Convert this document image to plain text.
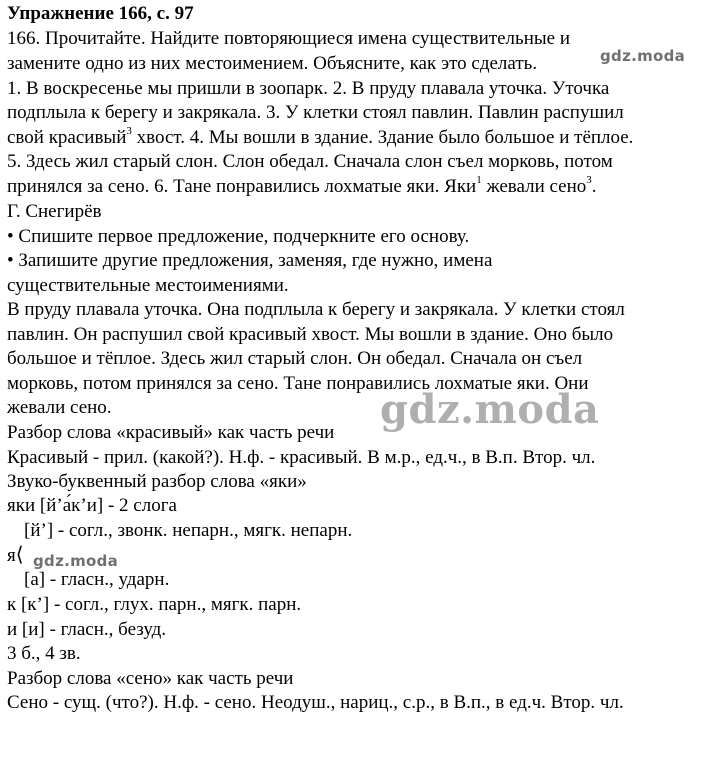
Упражнение 166, с. 97
166. Прочитайте. Найдите повторяющиеся имена существительные и
замените одно из них местоимением. Объясните, как это сделать.
1. В воскресенье мы пришли в зоопарк. 2. В пруду плавала уточка. Уточка
подплыла к берегу и закрякала. 3. У клетки стоял павлин. Павлин распушил
свой красивый$^3$ хвост. 4. Мы вошли в здание. Здание было большое и тёплое.
5. Здесь жил старый слон. Слон обедал. Сначала слон съел морковь, потом
принялся за сено. 6. Тане понравились лохматые яки. Яки$^1$ жевали сено$^3$.
Г. Снегирёв
• Спишите первое предложение, подчеркните его основу.
• Запишите другие предложения, заменяя, где нужно, имена
существительные местоимениями.
В пруду плавала уточка. Она подплыла к берегу и закрякала. У клетки стоял
павлин. Он распушил свой красивый хвост. Мы вошли в здание. Оно было
большое и тёплое. Здесь жил старый слон. Он обедал. Сначала он съел
морковь, потом принялся за сено. Тане понравились лохматые яки. Они
жевали сено.
Разбор слова «красивый» как часть речи
Красивый - прил. (какой?). Н.ф. - красивый. В м.р., ед.ч., в В.п. Втор. чл.
Звуко-буквенный разбор слова «яки»
яки [й’а́к’и] - 2 слога
[й’] - согл., звонк. непарн., мягк. непарн.
я⟨
[а] - гласн., ударн.
к [к’] - согл., глух. парн., мягк. парн.
и [и] - гласн., безуд.
3 б., 4 зв.
Разбор слова «сено» как часть речи
Сено - сущ. (что?). Н.ф. - сено. Неодуш., нариц., с.р., в В.п., в ед.ч. Втор. чл.
gdz.moda
gdz.moda
gdz.moda
